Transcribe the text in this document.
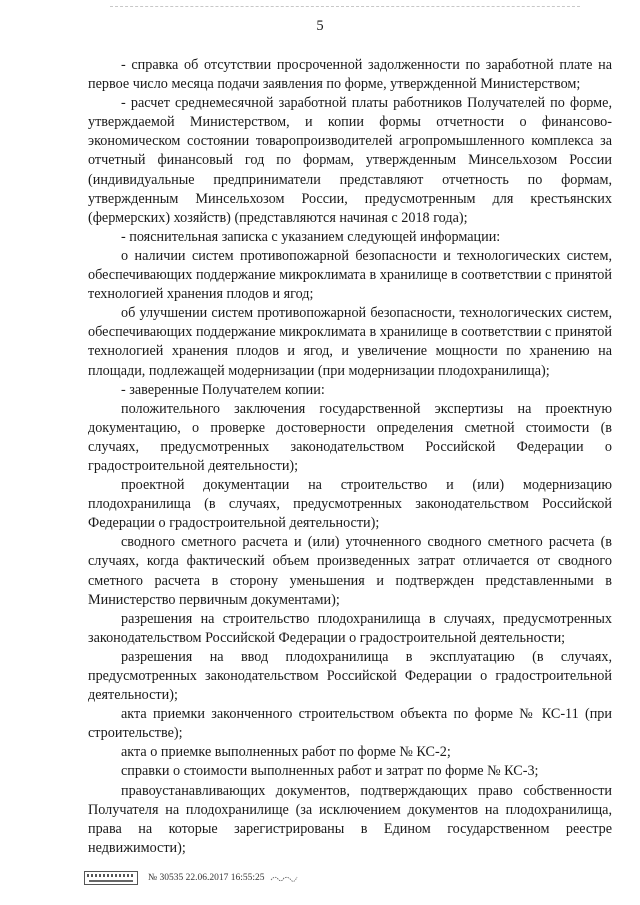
5

- справка об отсутствии просроченной задолженности по заработной плате на первое число месяца подачи заявления по форме, утвержденной Министерством;

- расчет среднемесячной заработной платы работников Получателей по форме, утверждаемой Министерством, и копии формы отчетности о финансово-экономическом состоянии товаропроизводителей агропромышленного комплекса за отчетный финансовый год по формам, утвержденным Минсельхозом России (индивидуальные предприниматели представляют отчетность по формам, утвержденным Минсельхозом России, предусмотренным для крестьянских (фермерских) хозяйств) (представляются начиная с 2018 года);

- пояснительная записка с указанием следующей информации:

о наличии систем противопожарной безопасности и технологических систем, обеспечивающих поддержание микроклимата в хранилище в соответствии с принятой технологией хранения плодов и ягод;

об улучшении систем противопожарной безопасности, технологических систем, обеспечивающих поддержание микроклимата в хранилище в соответствии с принятой технологией хранения плодов и ягод, и увеличение мощности по хранению на площади, подлежащей модернизации (при модернизации плодохранилища);

- заверенные Получателем копии:

положительного заключения государственной экспертизы на проектную документацию, о проверке достоверности определения сметной стоимости (в случаях, предусмотренных законодательством Российской Федерации о градостроительной деятельности);

проектной документации на строительство и (или) модернизацию плодохранилища (в случаях, предусмотренных законодательством Российской Федерации о градостроительной деятельности);

сводного сметного расчета и (или) уточненного сводного сметного расчета (в случаях, когда фактический объем произведенных затрат отличается от сводного сметного расчета в сторону уменьшения и подтвержден представленными в Министерство первичным документами);

разрешения на строительство плодохранилища в случаях, предусмотренных законодательством Российской Федерации о градостроительной деятельности;

разрешения на ввод плодохранилища в эксплуатацию (в случаях, предусмотренных законодательством Российской Федерации о градостроительной деятельности);

акта приемки законченного строительством объекта по форме № КС-11 (при строительстве);

акта о приемке выполненных работ по форме № КС-2;

справки о стоимости выполненных работ и затрат по форме № КС-3;

правоустанавливающих документов, подтверждающих право собственности Получателя на плодохранилище (за исключением документов на плодохранилища, права на которые зарегистрированы в Едином государственном реестре недвижимости);

№ 30535 22.06.2017 16:55:25
